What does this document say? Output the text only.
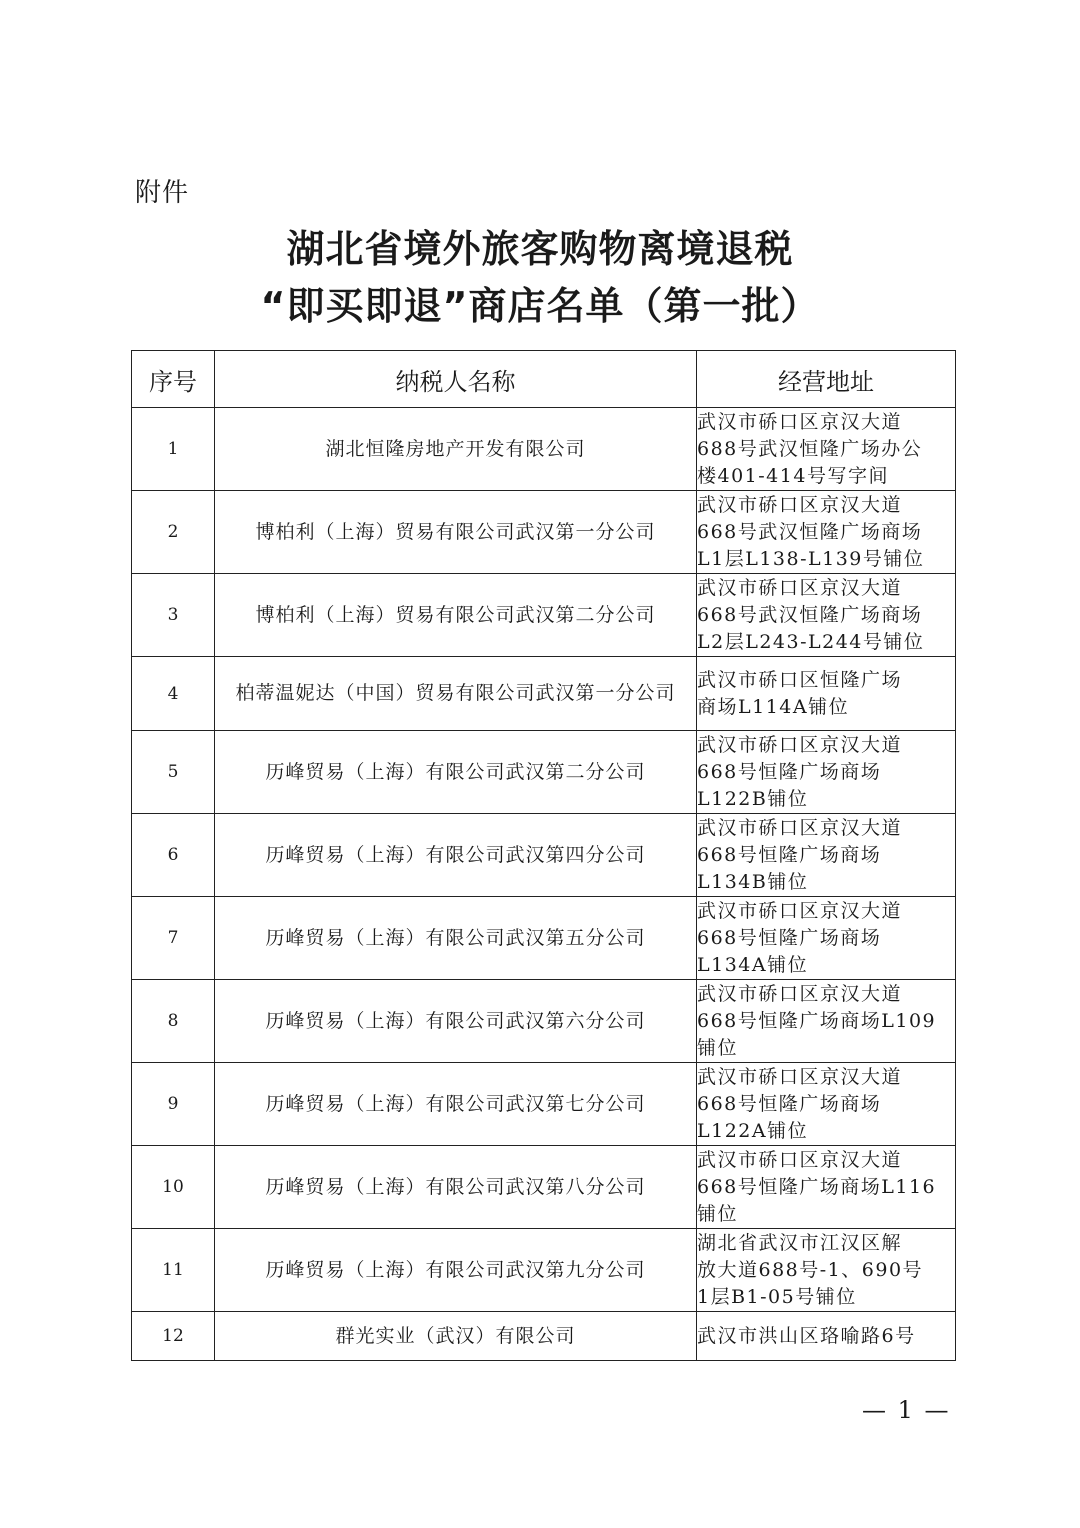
附件
湖北省境外旅客购物离境退税
“即买即退”商店名单（第一批）
序号	纳税人名称	经营地址
1	湖北恒隆房地产开发有限公司	武汉市硚口区京汉大道
688号武汉恒隆广场办公
楼401-414号写字间
2	博柏利（上海）贸易有限公司武汉第一分公司	武汉市硚口区京汉大道
668号武汉恒隆广场商场
L1层L138-L139号铺位
3	博柏利（上海）贸易有限公司武汉第二分公司	武汉市硚口区京汉大道
668号武汉恒隆广场商场
L2层L243-L244号铺位
4	柏蒂温妮达（中国）贸易有限公司武汉第一分公司	武汉市硚口区恒隆广场
商场L114A铺位
5	历峰贸易（上海）有限公司武汉第二分公司	武汉市硚口区京汉大道
668号恒隆广场商场
L122B铺位
6	历峰贸易（上海）有限公司武汉第四分公司	武汉市硚口区京汉大道
668号恒隆广场商场
L134B铺位
7	历峰贸易（上海）有限公司武汉第五分公司	武汉市硚口区京汉大道
668号恒隆广场商场
L134A铺位
8	历峰贸易（上海）有限公司武汉第六分公司	武汉市硚口区京汉大道
668号恒隆广场商场L109
铺位
9	历峰贸易（上海）有限公司武汉第七分公司	武汉市硚口区京汉大道
668号恒隆广场商场
L122A铺位
10	历峰贸易（上海）有限公司武汉第八分公司	武汉市硚口区京汉大道
668号恒隆广场商场L116
铺位
11	历峰贸易（上海）有限公司武汉第九分公司	湖北省武汉市江汉区解
放大道688号-1、690号
1层B1-05号铺位
12	群光实业（武汉）有限公司	武汉市洪山区珞喻路6号
— 1 —
